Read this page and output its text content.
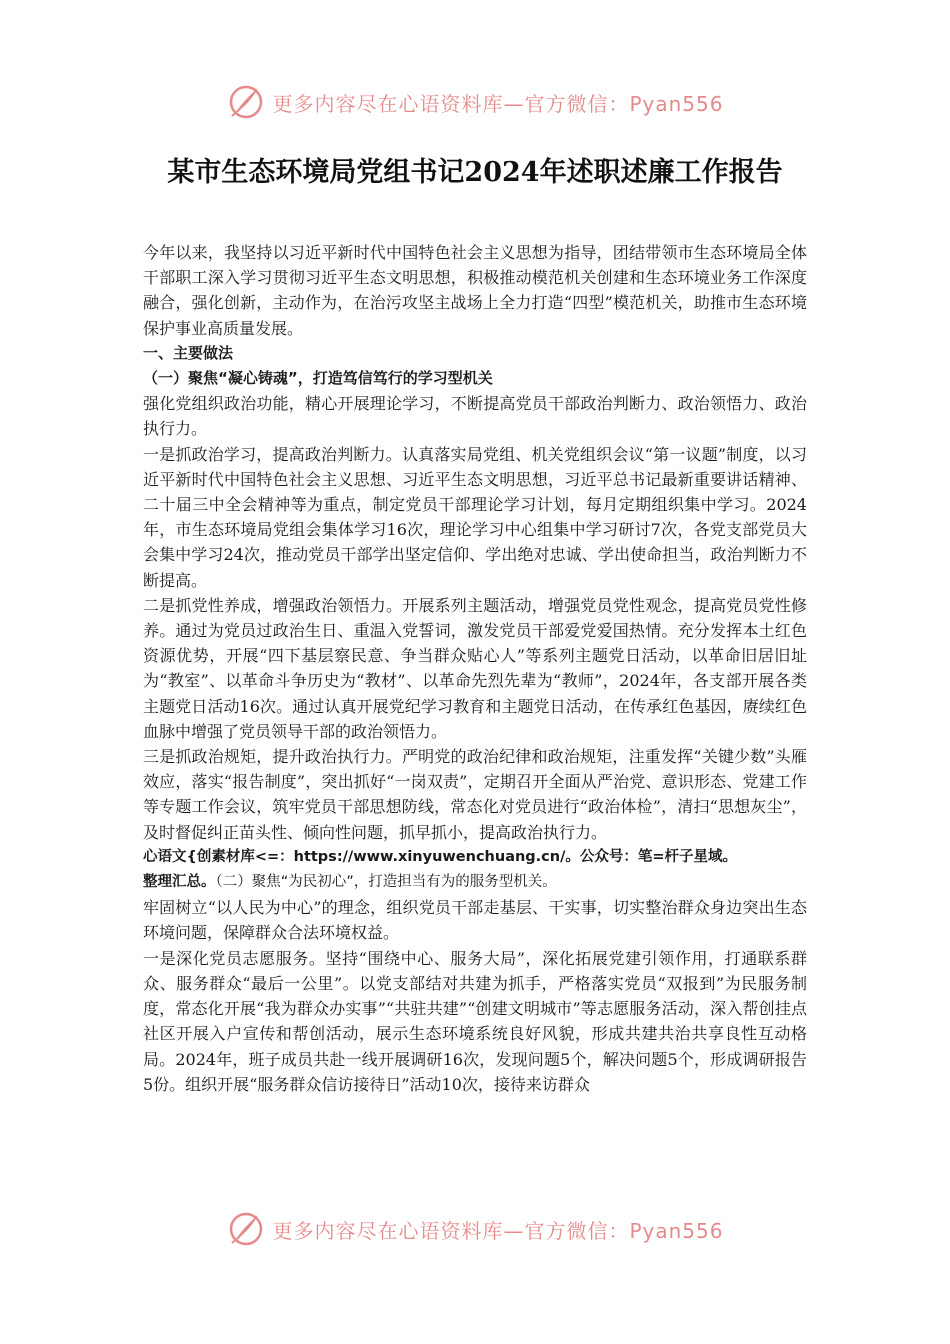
更多内容尽在心语资料库—官方微信：Pyan556
某市生态环境局党组书记2024年述职述廉工作报告

今年以来，我坚持以习近平新时代中国特色社会主义思想为指导，团结带领市生态环境局全体干部职工深入学习贯彻习近平生态文明思想，积极推动模范机关创建和生态环境业务工作深度融合，强化创新，主动作为，在治污攻坚主战场上全力打造“四型”模范机关，助推市生态环境保护事业高质量发展。

一、主要做法

（一）聚焦“凝心铸魂”，打造笃信笃行的学习型机关

强化党组织政治功能，精心开展理论学习，不断提高党员干部政治判断力、政治领悟力、政治执行力。

一是抓政治学习，提高政治判断力。认真落实局党组、机关党组织会议“第一议题”制度，以习近平新时代中国特色社会主义思想、习近平生态文明思想，习近平总书记最新重要讲话精神、二十届三中全会精神等为重点，制定党员干部理论学习计划，每月定期组织集中学习。2024年，市生态环境局党组会集体学习16次，理论学习中心组集中学习研讨7次，各党支部党员大会集中学习24次，推动党员干部学出坚定信仰、学出绝对忠诚、学出使命担当，政治判断力不断提高。

二是抓党性养成，增强政治领悟力。开展系列主题活动，增强党员党性观念，提高党员党性修养。通过为党员过政治生日、重温入党誓词，激发党员干部爱党爱国热情。充分发挥本土红色资源优势，开展“四下基层察民意、争当群众贴心人”等系列主题党日活动，以革命旧居旧址为“教室”、以革命斗争历史为“教材”、以革命先烈先辈为“教师”，2024年，各支部开展各类主题党日活动16次。通过认真开展党纪学习教育和主题党日活动，在传承红色基因，赓续红色血脉中增强了党员领导干部的政治领悟力。

三是抓政治规矩，提升政治执行力。严明党的政治纪律和政治规矩，注重发挥“关键少数”头雁效应，落实“报告制度”，突出抓好“一岗双责”，定期召开全面从严治党、意识形态、党建工作等专题工作会议，筑牢党员干部思想防线，常态化对党员进行“政治体检”，清扫“思想灰尘”，及时督促纠正苗头性、倾向性问题，抓早抓小，提高政治执行力。

心语文{创素材库<=：https://www.xinyuwenchuang.cn/。公众号：笔=杆子星域。

整理汇总。（二）聚焦“为民初心”，打造担当有为的服务型机关。

牢固树立“以人民为中心”的理念，组织党员干部走基层、干实事，切实整治群众身边突出生态环境问题，保障群众合法环境权益。

一是深化党员志愿服务。坚持“围绕中心、服务大局”，深化拓展党建引领作用，打通联系群众、服务群众“最后一公里”。以党支部结对共建为抓手，严格落实党员“双报到”为民服务制度，常态化开展“我为群众办实事”“共驻共建”“创建文明城市”等志愿服务活动，深入帮创挂点社区开展入户宣传和帮创活动，展示生态环境系统良好风貌，形成共建共治共享良性互动格局。2024年，班子成员共赴一线开展调研16次，发现问题5个，解决问题5个，形成调研报告5份。组织开展“服务群众信访接待日”活动10次，接待来访群众

更多内容尽在心语资料库—官方微信：Pyan556
